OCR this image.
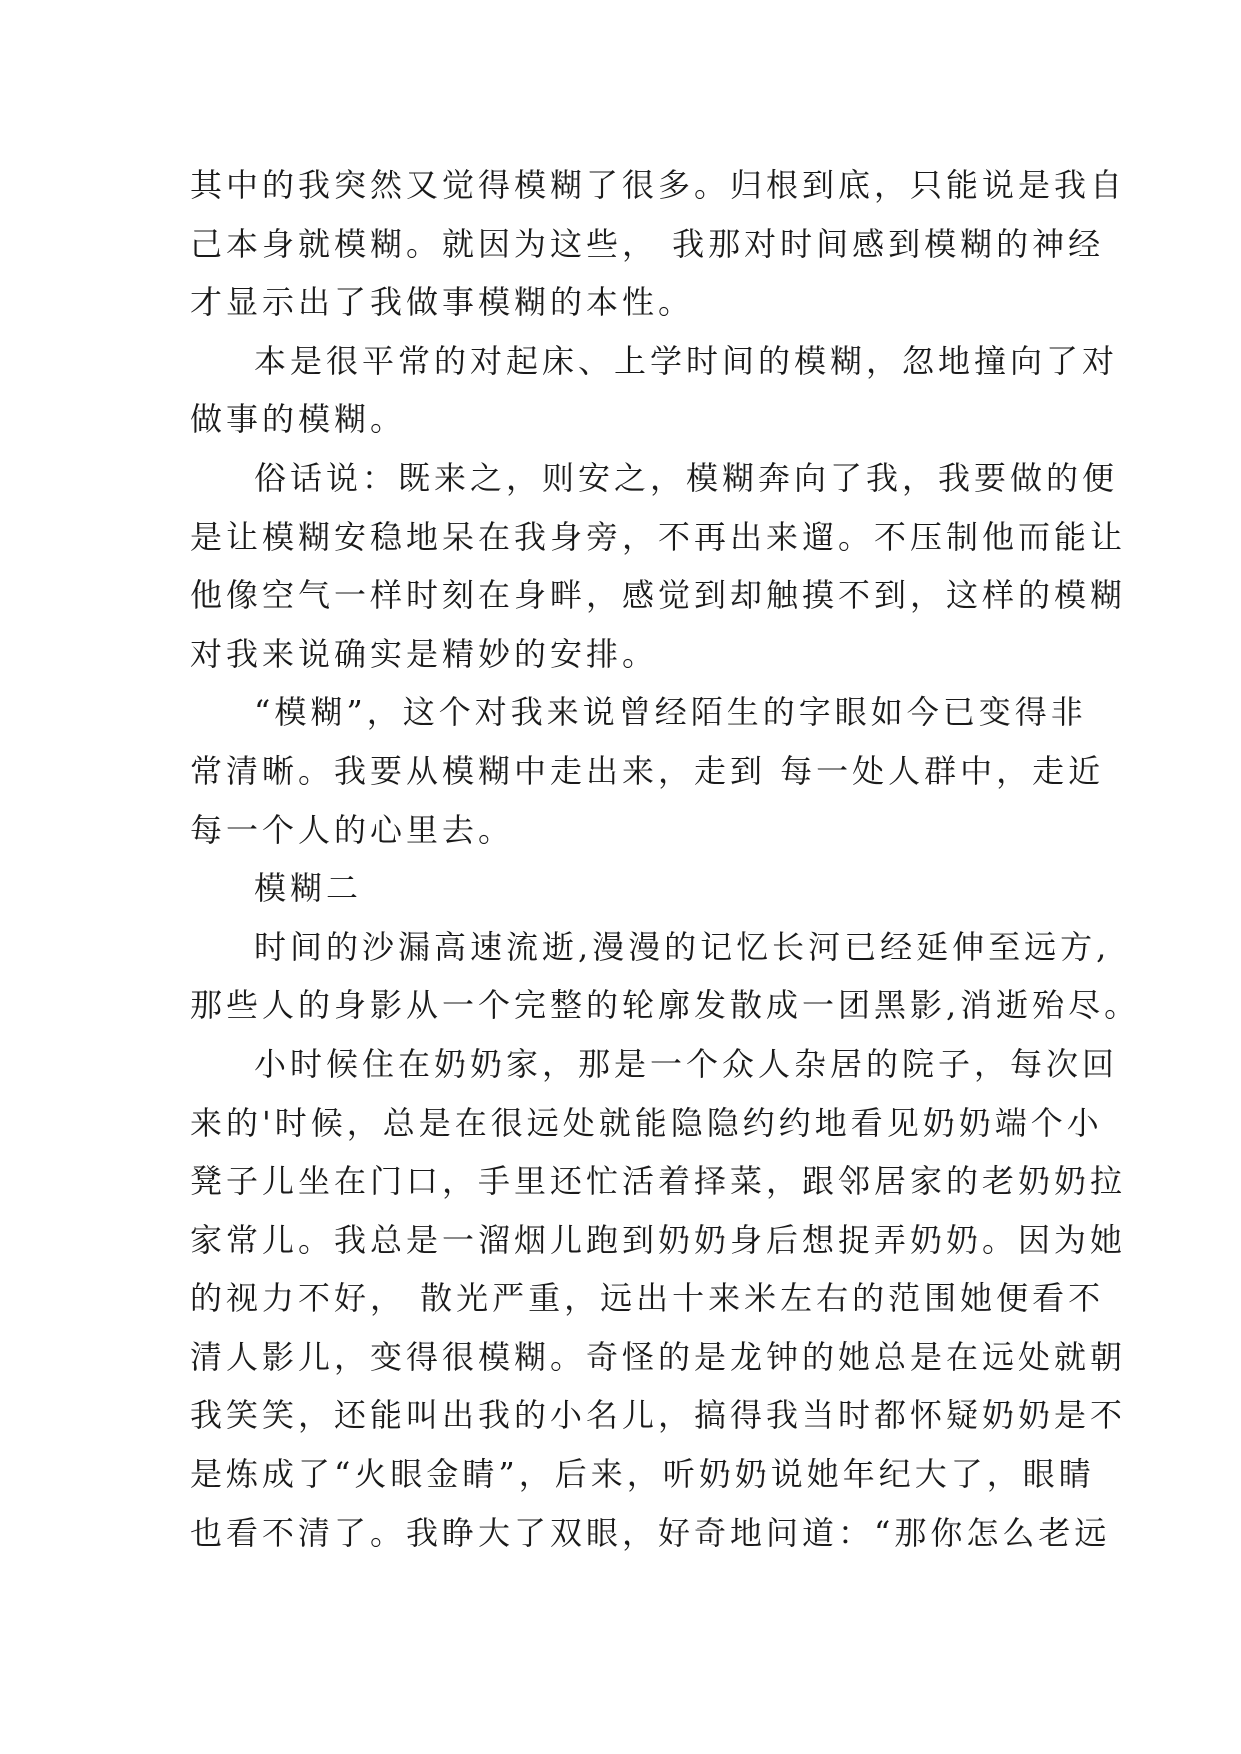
其中的我突然又觉得模糊了很多。归根到底，只能说是我自
己本身就模糊。就因为这些， 我那对时间感到模糊的神经
才显示出了我做事模糊的本性。
本是很平常的对起床、上学时间的模糊，忽地撞向了对
做事的模糊。
俗话说：既来之，则安之，模糊奔向了我，我要做的便
是让模糊安稳地呆在我身旁，不再出来遛。不压制他而能让
他像空气一样时刻在身畔，感觉到却触摸不到，这样的模糊
对我来说确实是精妙的安排。
“模糊”，这个对我来说曾经陌生的字眼如今已变得非
常清晰。我要从模糊中走出来，走到 每一处人群中，走近
每一个人的心里去。
模糊二
时间的沙漏高速流逝,漫漫的记忆长河已经延伸至远方,
那些人的身影从一个完整的轮廓发散成一团黑影,消逝殆尽。
小时候住在奶奶家，那是一个众人杂居的院子，每次回
来的'时候，总是在很远处就能隐隐约约地看见奶奶端个小
凳子儿坐在门口，手里还忙活着择菜，跟邻居家的老奶奶拉
家常儿。我总是一溜烟儿跑到奶奶身后想捉弄奶奶。因为她
的视力不好， 散光严重，远出十来米左右的范围她便看不
清人影儿，变得很模糊。奇怪的是龙钟的她总是在远处就朝
我笑笑，还能叫出我的小名儿，搞得我当时都怀疑奶奶是不
是炼成了“火眼金睛”，后来，听奶奶说她年纪大了，眼睛
也看不清了。我睁大了双眼，好奇地问道：“那你怎么老远
